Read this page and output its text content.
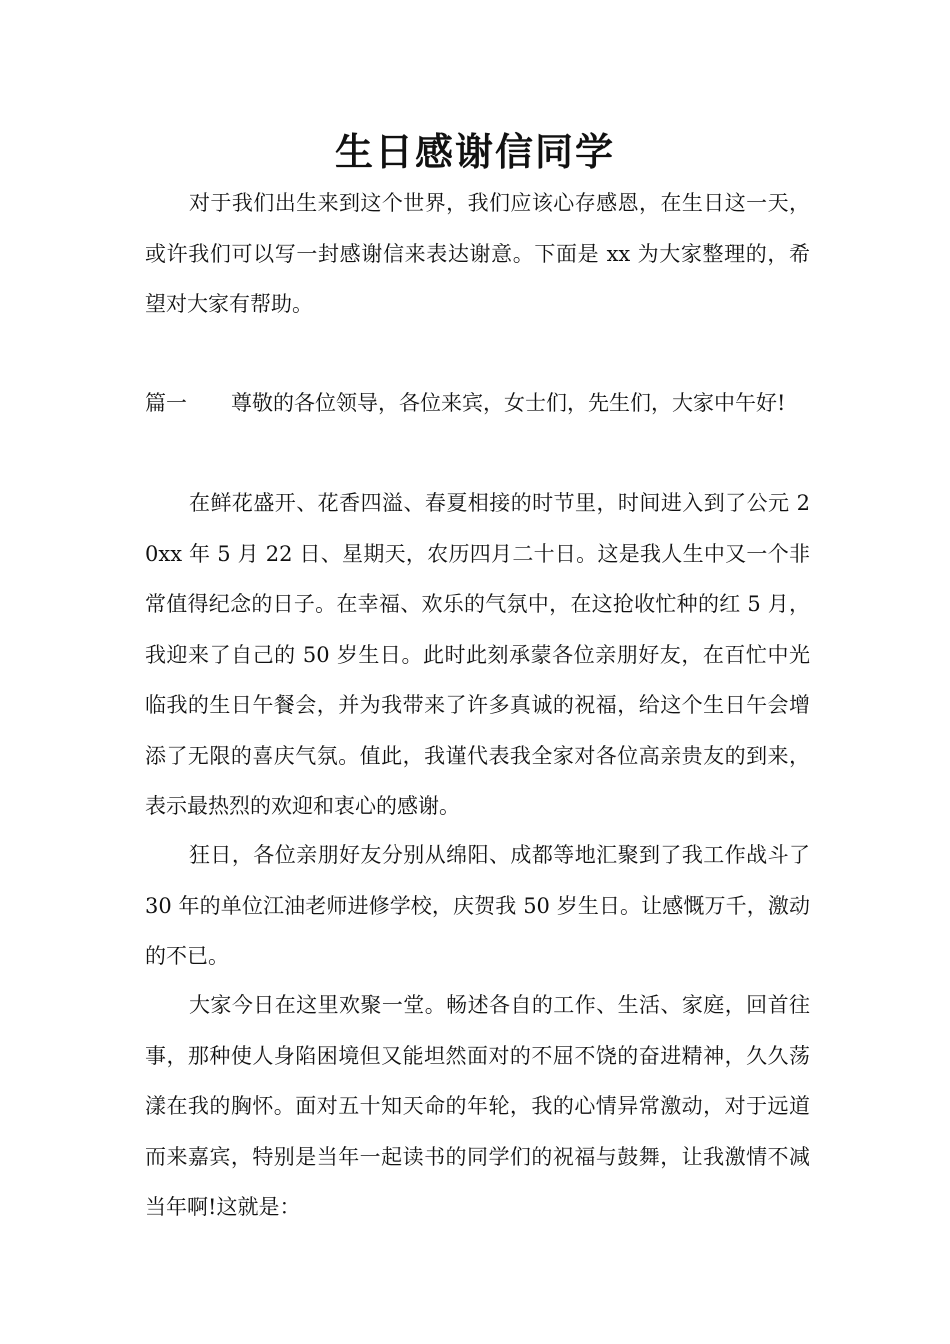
生日感谢信同学

对于我们出生来到这个世界，我们应该心存感恩，在生日这一天，或许我们可以写一封感谢信来表达谢意。下面是 xx 为大家整理的，希望对大家有帮助。

篇一 尊敬的各位领导，各位来宾，女士们，先生们，大家中午好!

在鲜花盛开、花香四溢、春夏相接的时节里，时间进入到了公元 20xx 年 5 月 22 日、星期天，农历四月二十日。这是我人生中又一个非常值得纪念的日子。在幸福、欢乐的气氛中，在这抢收忙种的红 5 月，我迎来了自己的 50 岁生日。此时此刻承蒙各位亲朋好友，在百忙中光临我的生日午餐会，并为我带来了许多真诚的祝福，给这个生日午会增添了无限的喜庆气氛。值此，我谨代表我全家对各位高亲贵友的到来，表示最热烈的欢迎和衷心的感谢。

狂日，各位亲朋好友分别从绵阳、成都等地汇聚到了我工作战斗了 30 年的单位江油老师进修学校，庆贺我 50 岁生日。让感慨万千，激动的不已。

大家今日在这里欢聚一堂。畅述各自的工作、生活、家庭，回首往事，那种使人身陷困境但又能坦然面对的不屈不饶的奋进精神，久久荡漾在我的胸怀。面对五十知天命的年轮，我的心情异常激动，对于远道而来嘉宾，特别是当年一起读书的同学们的祝福与鼓舞，让我激情不减当年啊!这就是：
